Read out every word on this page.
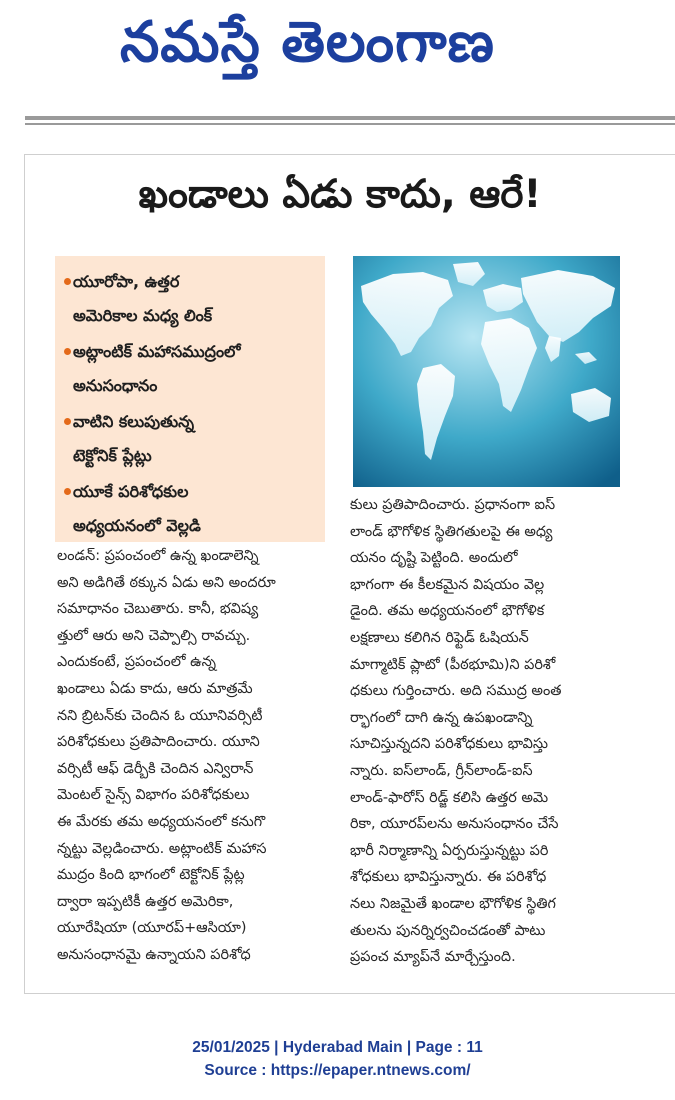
నమస్తే తెలంగాణ
ఖండాలు ఏడు కాదు, ఆరే!
యూరోపా, ఉత్తర
అమెరికాల మధ్య లింక్
అట్లాంటిక్ మహాసముద్రంలో
అనుసంధానం
వాటిని కలుపుతున్న
టెక్టోనిక్ ప్లేట్లు
యూకే పరిశోధకుల
అధ్యయనంలో వెల్లడి
లండన్: ప్రపంచంలో ఉన్న ఖండాలెన్ని
అని అడిగితే ఠక్కున ఏడు అని అందరూ
సమాధానం చెబుతారు. కానీ, భవిష్య
త్తులో ఆరు అని చెప్పాల్సి రావచ్చు.
ఎందుకంటే, ప్రపంచంలో ఉన్న
ఖండాలు ఏడు కాదు, ఆరు మాత్రమే
నని బ్రిటన్‌కు చెందిన ఓ యూనివర్సిటీ
పరిశోధకులు ప్రతిపాదించారు. యూని
వర్సిటీ ఆఫ్ డెర్బీకి చెందిన ఎన్విరాన్
మెంటల్ సైన్స్ విభాగం పరిశోధకులు
ఈ మేరకు తమ అధ్యయనంలో కనుగొ
న్నట్టు వెల్లడించారు. అట్లాంటిక్ మహాస
ముద్రం కింది భాగంలో టెక్టోనిక్ ప్లేట్ల
ద్వారా ఇప్పటికీ ఉత్తర అమెరికా,
యూరేషియా (యూరప్+ఆసియా)
అనుసంధానమై ఉన్నాయని పరిశోధ
కులు ప్రతిపాదించారు. ప్రధానంగా ఐస్
లాండ్ భౌగోళిక స్థితిగతులపై ఈ అధ్య
యనం దృష్టి పెట్టింది. అందులో
భాగంగా ఈ కీలకమైన విషయం వెల్ల
డైంది. తమ అధ్యయనంలో భౌగోళిక
లక్షణాలు కలిగిన రిఫ్టెడ్ ఓషియన్
మాగ్మాటిక్ ప్లాటో (పీఠభూమి)ని పరిశో
ధకులు గుర్తించారు. అది సముద్ర అంత
ర్భాగంలో దాగి ఉన్న ఉపఖండాన్ని
సూచిస్తున్నదని పరిశోధకులు భావిస్తు
న్నారు. ఐస్‌లాండ్, గ్రీన్‌లాండ్-ఐస్
లాండ్-ఫారోస్ రిడ్జ్ కలిసి ఉత్తర అమె
రికా, యూరప్‌లను అనుసంధానం చేసే
భారీ నిర్మాణాన్ని ఏర్పరుస్తున్నట్టు పరి
శోధకులు భావిస్తున్నారు. ఈ పరిశోధ
నలు నిజమైతే ఖండాల భౌగోళిక స్థితిగ
తులను పునర్నిర్వచించడంతో పాటు
ప్రపంచ మ్యాప్‌నే మార్చేస్తుంది.
25/01/2025 | Hyderabad Main | Page : 11
Source : https://epaper.ntnews.com/
